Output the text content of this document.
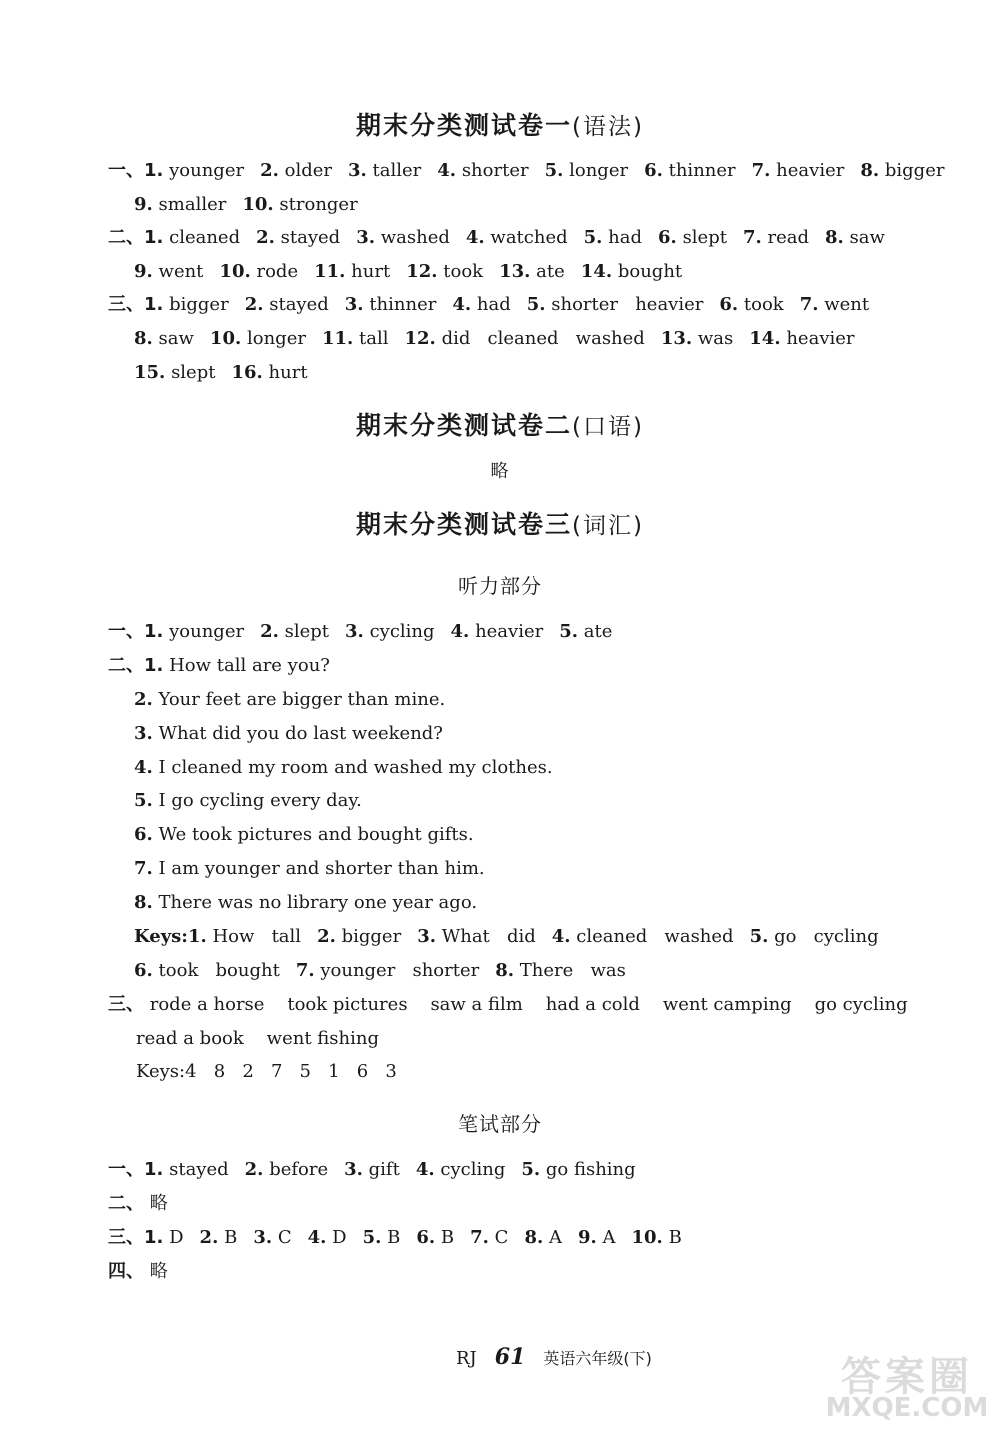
期末分类测试卷一(语法)
一、1. younger 2. older 3. taller 4. shorter 5. longer 6. thinner 7. heavier 8. bigger
9. smaller 10. stronger
二、1. cleaned 2. stayed 3. washed 4. watched 5. had 6. slept 7. read 8. saw
9. went 10. rode 11. hurt 12. took 13. ate 14. bought
三、1. bigger 2. stayed 3. thinner 4. had 5. shorter   heavier 6. took 7. went
8. saw 10. longer 11. tall 12. did   cleaned   washed 13. was 14. heavier
15. slept 16. hurt
期末分类测试卷二(口语)
略
期末分类测试卷三(词汇)
听力部分
一、1. younger 2. slept 3. cycling 4. heavier 5. ate
二、1. How tall are you?
2. Your feet are bigger than mine.
3. What did you do last weekend?
4. I cleaned my room and washed my clothes.
5. I go cycling every day.
6. We took pictures and bought gifts.
7. I am younger and shorter than him.
8. There was no library one year ago.
Keys:1. How   tall 2. bigger 3. What   did 4. cleaned   washed 5. go   cycling
6. took   bought 7. younger   shorter 8. There   was
三、 rode a horse    took pictures    saw a film    had a cold    went camping    go cycling
read a book    went fishing
Keys:4   8   2   7   5   1   6   3
笔试部分
一、1. stayed 2. before 3. gift 4. cycling 5. go fishing
二、 略
三、1. D 2. B 3. C 4. D 5. B 6. B 7. C 8. A 9. A 10. B
四、 略
RJ 61 英语六年级(下)	答案圈
MXQE.COM
